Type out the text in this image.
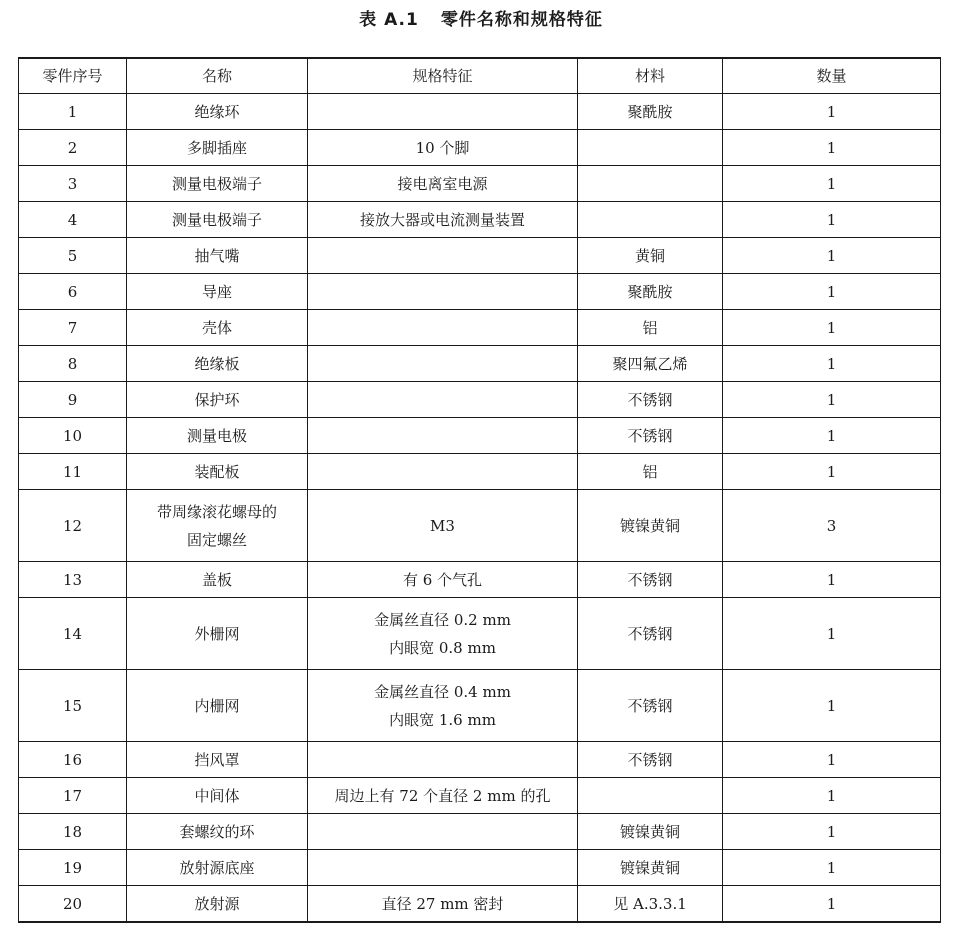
表 A.1 零件名称和规格特征
零件序号	名称	规格特征	材料	数量
1	绝缘环		聚酰胺	1
2	多脚插座	10 个脚		1
3	测量电极端子	接电离室电源		1
4	测量电极端子	接放大器或电流测量装置		1
5	抽气嘴		黄铜	1
6	导座		聚酰胺	1
7	壳体		铝	1
8	绝缘板		聚四氟乙烯	1
9	保护环		不锈钢	1
10	测量电极		不锈钢	1
11	装配板		铝	1
12	带周缘滚花螺母的
固定螺丝	M3	镀镍黄铜	3
13	盖板	有 6 个气孔	不锈钢	1
14	外栅网	金属丝直径 0.2 mm
内眼宽 0.8 mm	不锈钢	1
15	内栅网	金属丝直径 0.4 mm
内眼宽 1.6 mm	不锈钢	1
16	挡风罩		不锈钢	1
17	中间体	周边上有 72 个直径 2 mm 的孔		1
18	套螺纹的环		镀镍黄铜	1
19	放射源底座		镀镍黄铜	1
20	放射源	直径 27 mm 密封	见 A.3.3.1	1
